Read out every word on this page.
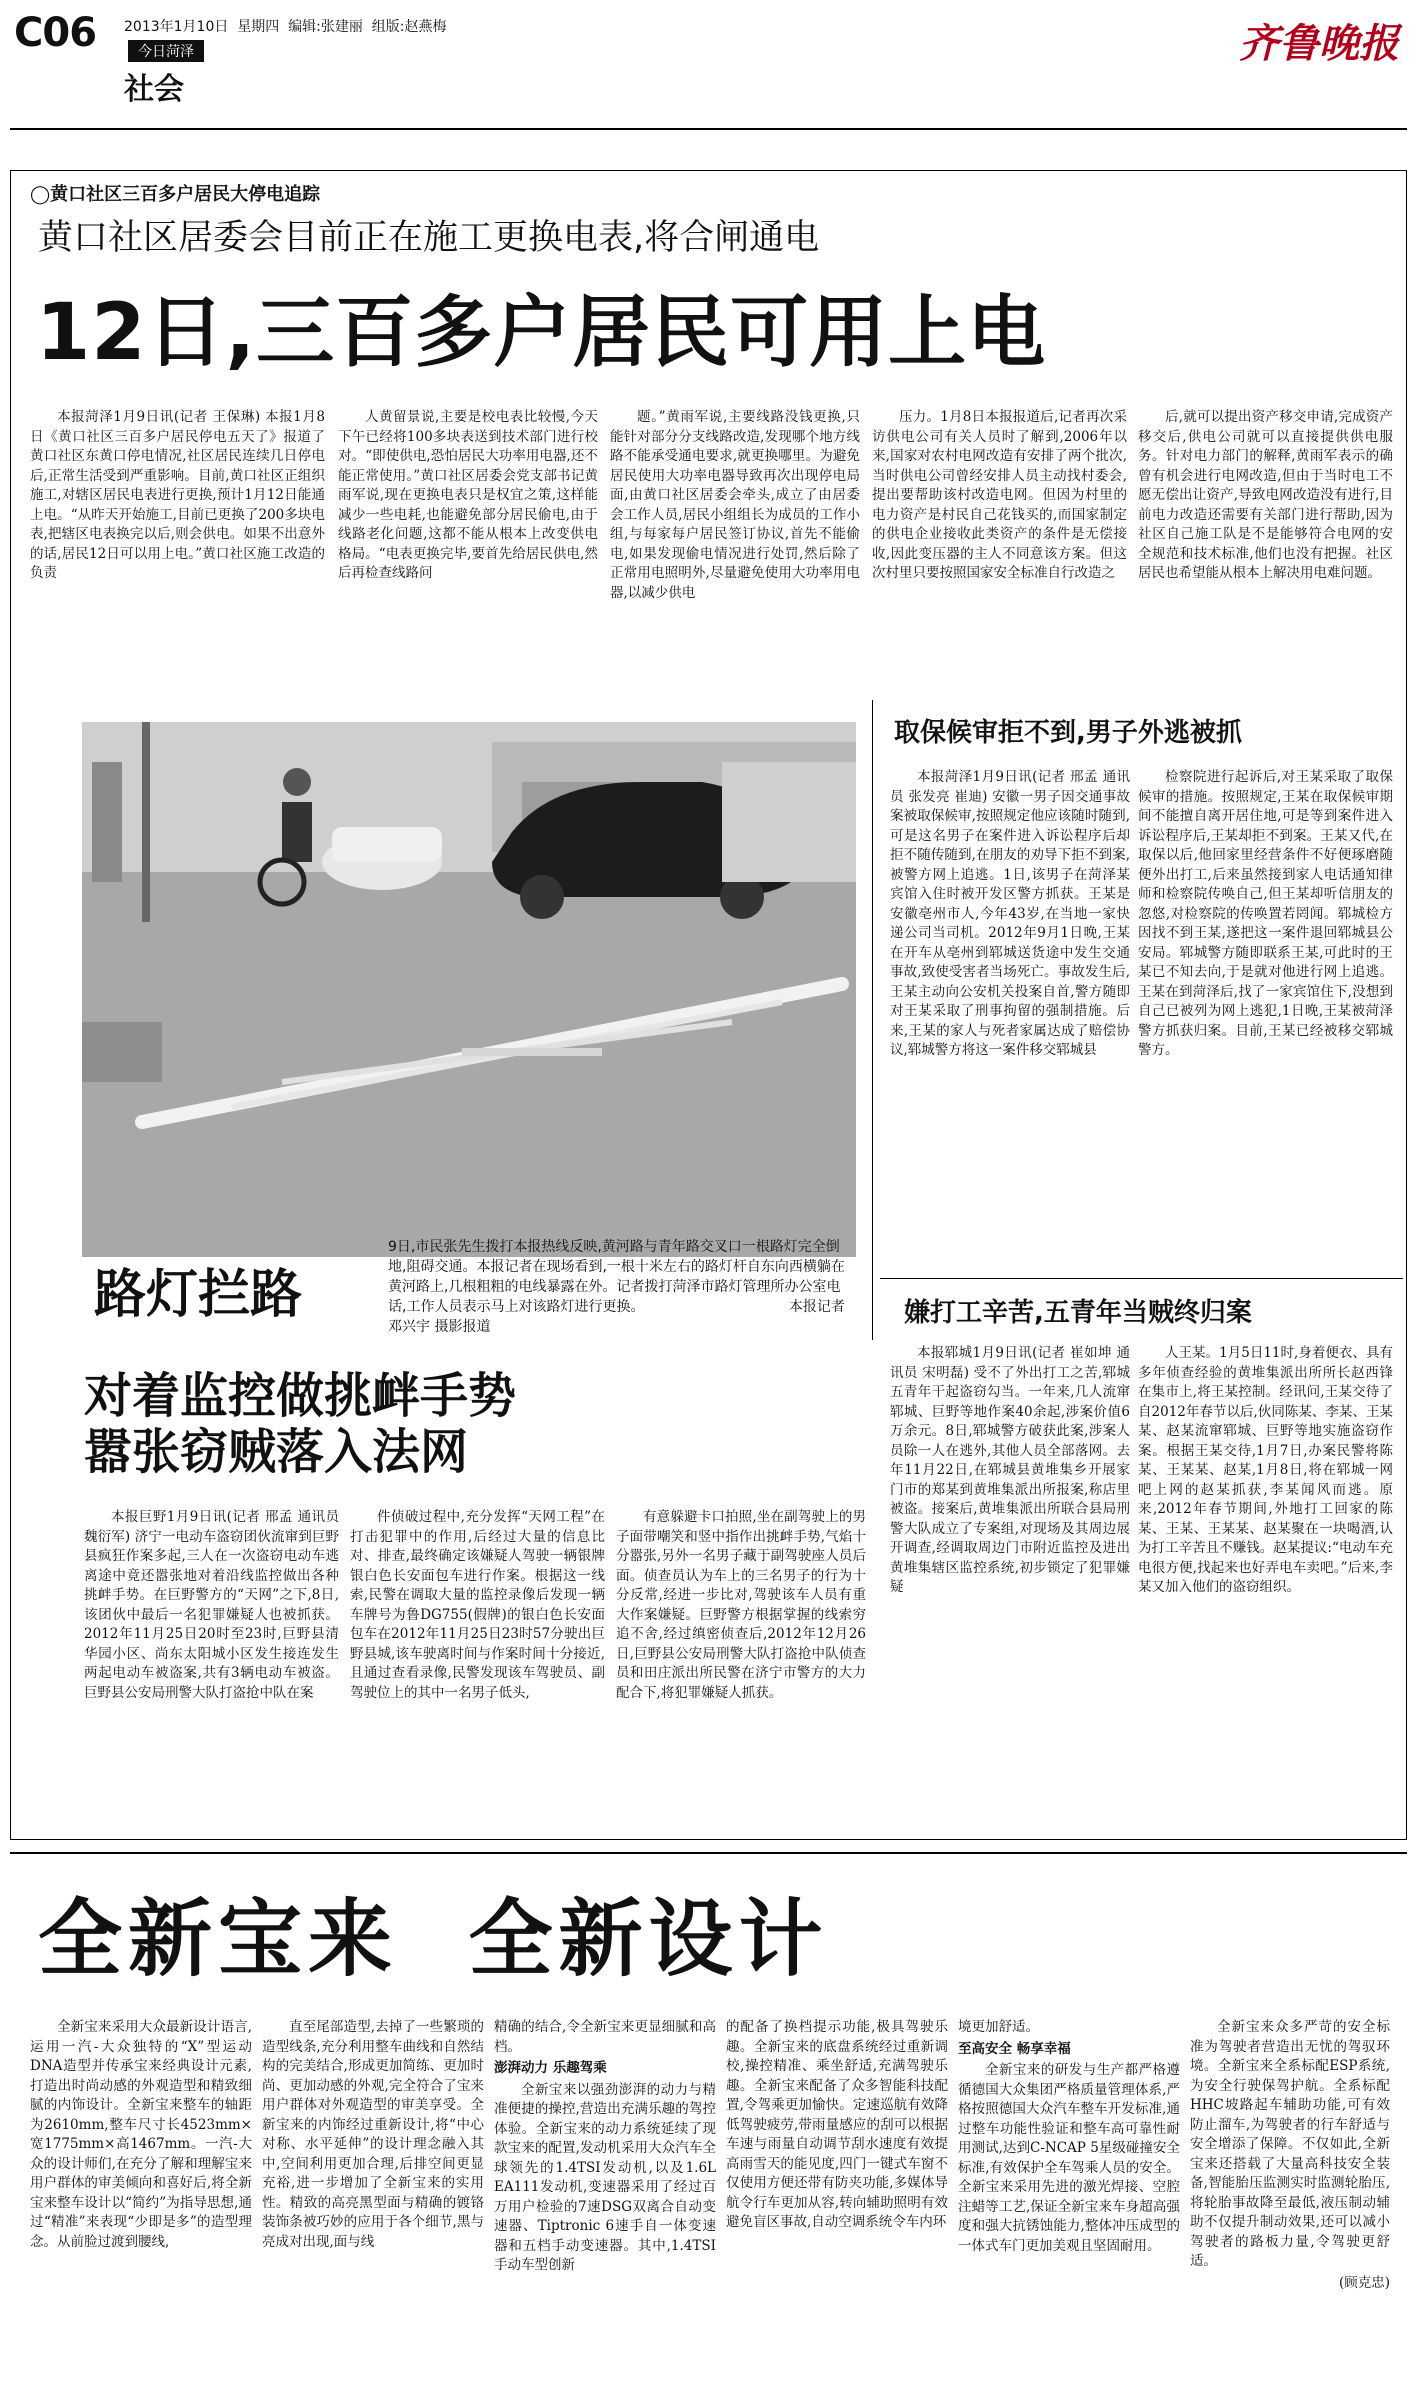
C06 2013年1月10日 星期四 编辑:张建丽 组版:赵燕梅
今日菏泽
社会
齐鲁晚报
◯黄口社区三百多户居民大停电追踪
黄口社区居委会目前正在施工更换电表,将合闸通电
12日,三百多户居民可用上电

本报菏泽1月9日讯(记者 王保琳) 本报1月8日《黄口社区三百多户居民停电五天了》报道了黄口社区东黄口停电情况,社区居民连续几日停电后,正常生活受到严重影响。目前,黄口社区正组织施工,对辖区居民电表进行更换,预计1月12日能通上电。“从昨天开始施工,目前已更换了200多块电表,把辖区电表换完以后,则会供电。如果不出意外的话,居民12日可以用上电。”黄口社区施工改造的负责

人黄留景说,主要是校电表比较慢,今天下午已经将100多块表送到技术部门进行校对。“即使供电,恐怕居民大功率用电器,还不能正常使用。”黄口社区居委会党支部书记黄雨军说,现在更换电表只是权宜之策,这样能减少一些电耗,也能避免部分居民偷电,由于线路老化问题,这都不能从根本上改变供电格局。“电表更换完毕,要首先给居民供电,然后再检查线路问

题。”黄雨军说,主要线路没钱更换,只能针对部分分支线路改造,发现哪个地方线路不能承受通电要求,就更换哪里。为避免居民使用大功率电器导致再次出现停电局面,由黄口社区居委会牵头,成立了由居委会工作人员,居民小组组长为成员的工作小组,与每家每户居民签订协议,首先不能偷电,如果发现偷电情况进行处罚,然后除了正常用电照明外,尽量避免使用大功率用电器,以减少供电

压力。1月8日本报报道后,记者再次采访供电公司有关人员时了解到,2006年以来,国家对农村电网改造有安排了两个批次,当时供电公司曾经安排人员主动找村委会,提出要帮助该村改造电网。但因为村里的电力资产是村民自己花钱买的,而国家制定的供电企业接收此类资产的条件是无偿接收,因此变压器的主人不同意该方案。但这次村里只要按照国家安全标准自行改造之

后,就可以提出资产移交申请,完成资产移交后,供电公司就可以直接提供供电服务。针对电力部门的解释,黄雨军表示的确曾有机会进行电网改造,但由于当时电工不愿无偿出让资产,导致电网改造没有进行,目前电力改造还需要有关部门进行帮助,因为社区自己施工队是不是能够符合电网的安全规范和技术标准,他们也没有把握。社区居民也希望能从根本上解决用电难问题。

路灯拦路
9日,市民张先生拨打本报热线反映,黄河路与青年路交叉口一根路灯完全倒地,阻碍交通。本报记者在现场看到,一根十米左右的路灯杆自东向西横躺在黄河路上,几根粗粗的电线暴露在外。记者拨打菏泽市路灯管理所办公室电话,工作人员表示马上对该路灯进行更换。	本报记者 邓兴宇 摄影报道
取保候审拒不到,男子外逃被抓

本报菏泽1月9日讯(记者 邢孟 通讯员 张发亮 崔迪) 安徽一男子因交通事故案被取保候审,按照规定他应该随时随到,可是这名男子在案件进入诉讼程序后却拒不随传随到,在朋友的劝导下拒不到案,被警方网上追逃。1日,该男子在菏泽某宾馆入住时被开发区警方抓获。王某是安徽亳州市人,今年43岁,在当地一家快递公司当司机。2012年9月1日晚,王某在开车从亳州到郓城送货途中发生交通事故,致使受害者当场死亡。事故发生后,王某主动向公安机关投案自首,警方随即对王某采取了刑事拘留的强制措施。后来,王某的家人与死者家属达成了赔偿协议,郓城警方将这一案件移交郓城县

检察院进行起诉后,对王某采取了取保候审的措施。按照规定,王某在取保候审期间不能擅自离开居住地,可是等到案件进入诉讼程序后,王某却拒不到案。王某又代,在取保以后,他回家里经营条件不好便琢磨随便外出打工,后来虽然接到家人电话通知律师和检察院传唤自己,但王某却听信朋友的忽悠,对检察院的传唤置若罔闻。郓城检方因找不到王某,遂把这一案件退回郓城县公安局。郓城警方随即联系王某,可此时的王某已不知去向,于是就对他进行网上追逃。王某在到菏泽后,找了一家宾馆住下,没想到自己已被列为网上逃犯,1日晚,王某被菏泽警方抓获归案。目前,王某已经被移交郓城警方。

嫌打工辛苦,五青年当贼终归案

本报郓城1月9日讯(记者 崔如坤 通讯员 宋明磊) 受不了外出打工之苦,郓城五青年干起盗窃勾当。一年来,几人流窜郓城、巨野等地作案40余起,涉案价值6万余元。8日,郓城警方破获此案,涉案人员除一人在逃外,其他人员全部落网。去年11月22日,在郓城县黄堆集乡开展家门市的郑某到黄堆集派出所报案,称店里被盗。接案后,黄堆集派出所联合县局刑警大队成立了专案组,对现场及其周边展开调查,经调取周边门市附近监控及进出黄堆集辖区监控系统,初步锁定了犯罪嫌疑

人王某。1月5日11时,身着便衣、具有多年侦查经验的黄堆集派出所所长赵西锋在集市上,将王某控制。经讯问,王某交待了自2012年春节以后,伙同陈某、李某、王某某、赵某流窜郓城、巨野等地实施盗窃作案。根据王某交待,1月7日,办案民警将陈某、王某某、赵某,1月8日,将在郓城一网吧上网的赵某抓获,李某闻风而逃。原来,2012年春节期间,外地打工回家的陈某、王某、王某某、赵某聚在一块喝酒,认为打工辛苦且不赚钱。赵某提议:“电动车充电很方便,找起来也好弄电车卖吧。”后来,李某又加入他们的盗窃组织。

对着监控做挑衅手势
嚣张窃贼落入法网

本报巨野1月9日讯(记者 邢孟 通讯员 魏衍军) 济宁一电动车盗窃团伙流窜到巨野县疯狂作案多起,三人在一次盗窃电动车逃离途中竟还嚣张地对着沿线监控做出各种挑衅手势。在巨野警方的“天网”之下,8日,该团伙中最后一名犯罪嫌疑人也被抓获。2012年11月25日20时至23时,巨野县清华园小区、尚东太阳城小区发生接连发生两起电动车被盗案,共有3辆电动车被盗。巨野县公安局刑警大队打盗抢中队在案

件侦破过程中,充分发挥“天网工程”在打击犯罪中的作用,后经过大量的信息比对、排查,最终确定该嫌疑人驾驶一辆银牌银白色长安面包车进行作案。根据这一线索,民警在调取大量的监控录像后发现一辆车牌号为鲁DG755(假牌)的银白色长安面包车在2012年11月25日23时57分驶出巨野县城,该车驶离时间与作案时间十分接近,且通过查看录像,民警发现该车驾驶员、副驾驶位上的其中一名男子低头,

有意躲避卡口拍照,坐在副驾驶上的男子面带嘲笑和竖中指作出挑衅手势,气焰十分嚣张,另外一名男子藏于副驾驶座人员后面。侦查员认为车上的三名男子的行为十分反常,经进一步比对,驾驶该车人员有重大作案嫌疑。巨野警方根据掌握的线索穷追不舍,经过缜密侦查后,2012年12月26日,巨野县公安局刑警大队打盗抢中队侦查员和田庄派出所民警在济宁市警方的大力配合下,将犯罪嫌疑人抓获。

全新宝来  全新设计

全新宝来采用大众最新设计语言,运用一汽-大众独特的“X”型运动DNA造型并传承宝来经典设计元素,打造出时尚动感的外观造型和精致细腻的内饰设计。全新宝来整车的轴距为2610mm,整车尺寸长4523mm×宽1775mm×高1467mm。一汽-大众的设计师们,在充分了解和理解宝来用户群体的审美倾向和喜好后,将全新宝来整车设计以“简约”为指导思想,通过“精准”来表现“少即是多”的造型理念。从前脸过渡到腰线,

直至尾部造型,去掉了一些繁琐的造型线条,充分利用整车曲线和自然结构的完美结合,形成更加简练、更加时尚、更加动感的外观,完全符合了宝来用户群体对外观造型的审美享受。全新宝来的内饰经过重新设计,将“中心对称、水平延伸”的设计理念融入其中,空间利用更加合理,后排空间更显充裕,进一步增加了全新宝来的实用性。精致的高亮黑型面与精确的镀铬装饰条被巧妙的应用于各个细节,黑与亮成对出现,面与线

精确的结合,令全新宝来更显细腻和高档。

澎湃动力 乐趣驾乘

全新宝来以强劲澎湃的动力与精准便捷的操控,营造出充满乐趣的驾控体验。全新宝来的动力系统延续了现款宝来的配置,发动机采用大众汽车全球领先的1.4TSI发动机,以及1.6L EA111发动机,变速器采用了经过百万用户检验的7速DSG双离合自动变速器、Tiptronic 6速手自一体变速器和五档手动变速器。其中,1.4TSI手动车型创新

的配备了换档提示功能,极具驾驶乐趣。全新宝来的底盘系统经过重新调校,操控精准、乘坐舒适,充满驾驶乐趣。全新宝来配备了众多智能科技配置,令驾乘更加愉快。定速巡航有效降低驾驶疲劳,带雨量感应的刮可以根据车速与雨量自动调节刮水速度有效提高雨雪天的能见度,四门一键式车窗不仅使用方便还带有防夹功能,多媒体导航令行车更加从容,转向辅助照明有效避免盲区事故,自动空调系统令车内环

境更加舒适。

至高安全 畅享幸福

全新宝来的研发与生产都严格遵循德国大众集团严格质量管理体系,严格按照德国大众汽车整车开发标准,通过整车功能性验证和整车高可靠性耐用测试,达到C-NCAP 5星级碰撞安全标准,有效保护全车驾乘人员的安全。全新宝来采用先进的激光焊接、空腔注蜡等工艺,保证全新宝来车身超高强度和强大抗锈蚀能力,整体冲压成型的一体式车门更加美观且坚固耐用。

全新宝来众多严苛的安全标准为驾驶者营造出无忧的驾驭环境。全新宝来全系标配ESP系统,为安全行驶保驾护航。全系标配HHC坡路起车辅助功能,可有效防止溜车,为驾驶者的行车舒适与安全增添了保障。不仅如此,全新宝来还搭载了大量高科技安全装备,智能胎压监测实时监测轮胎压,将轮胎事故降至最低,液压制动辅助不仅提升制动效果,还可以减小驾驶者的路板力量,令驾驶更舒适。

(顾克忠)
